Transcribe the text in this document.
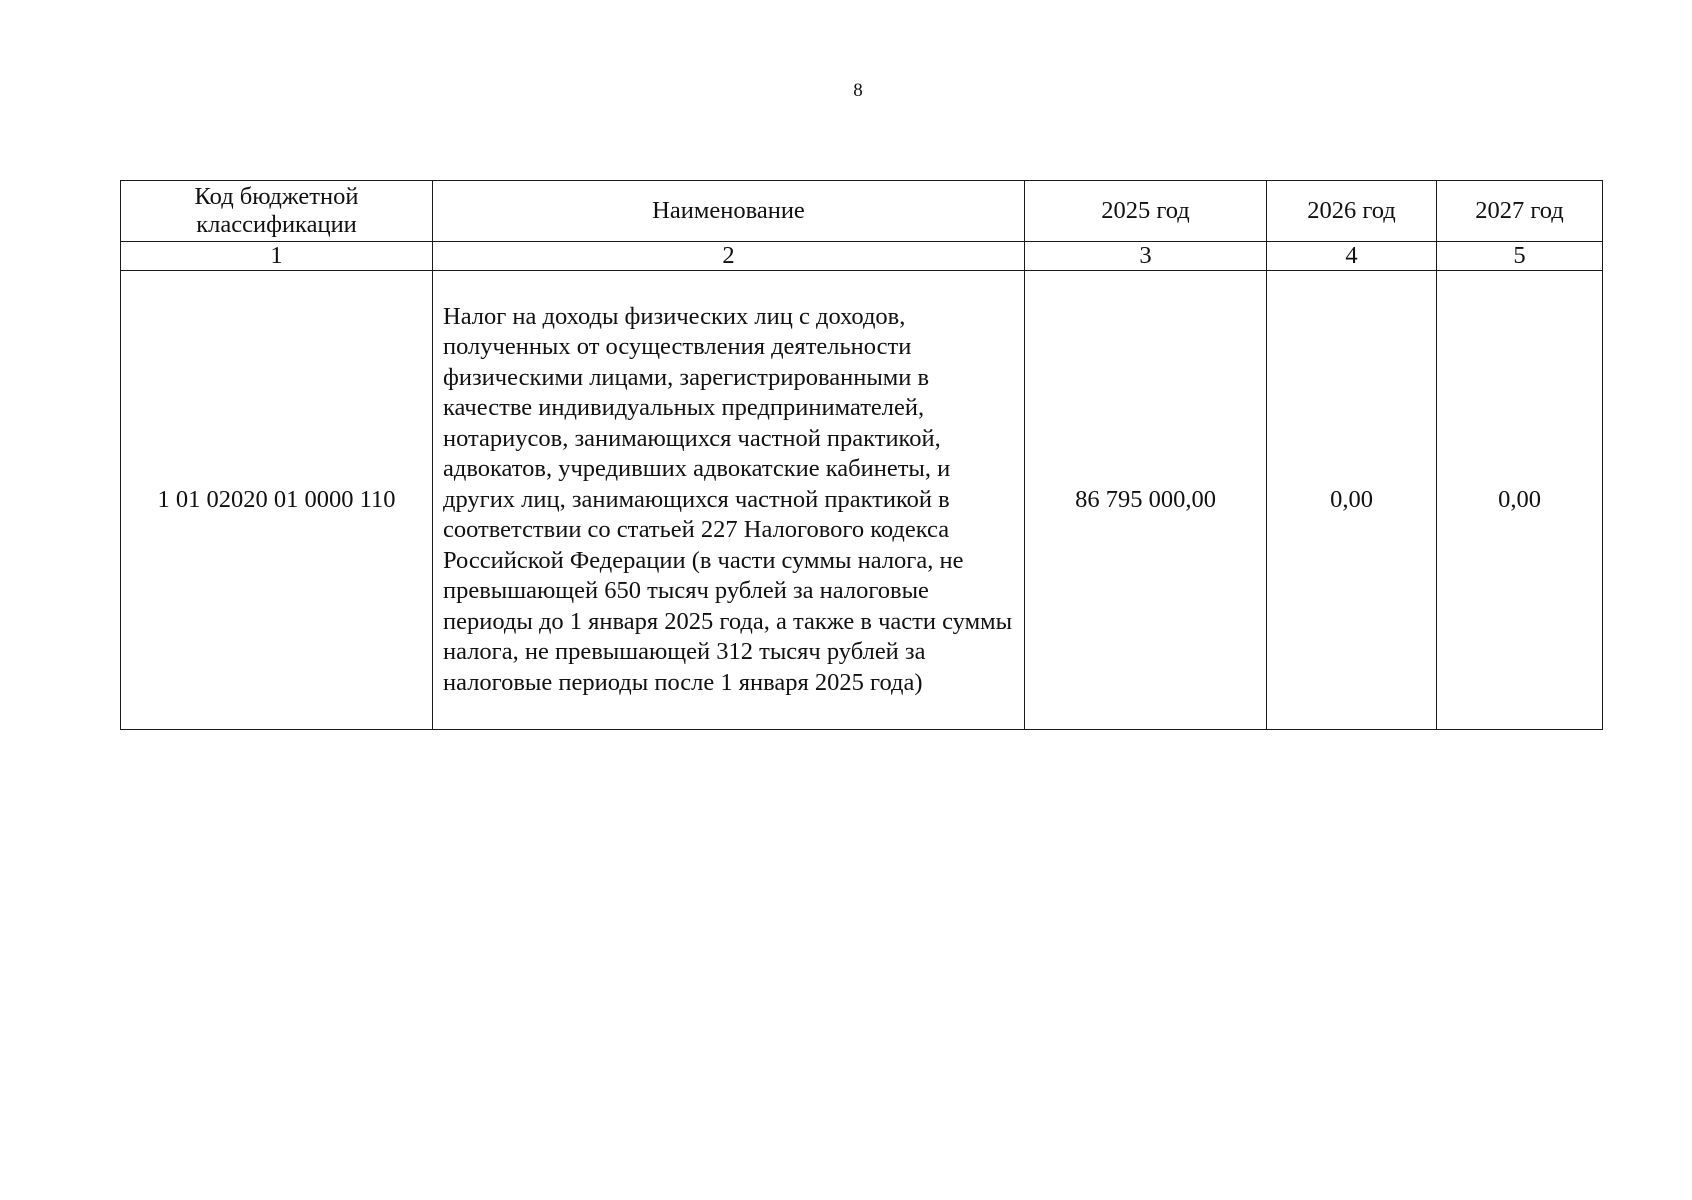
8
Код бюджетной классификации	Наименование	2025 год	2026 год	2027 год
1	2	3	4	5
1 01 02020 01 0000 110	Налог на доходы физических лиц с доходов, полученных от осуществления деятельности физическими лицами, зарегистрированными в качестве индивидуальных предпринимателей, нотариусов, занимающихся частной практикой, адвокатов, учредивших адвокатские кабинеты, и других лиц, занимающихся частной практикой в соответствии со статьей 227 Налогового кодекса Российской Федерации (в части суммы налога, не превышающей 650 тысяч рублей за налоговые периоды до 1 января 2025 года, а также в части суммы налога, не превышающей 312 тысяч рублей за налоговые периоды после 1 января 2025 года)	86 795 000,00	0,00	0,00
